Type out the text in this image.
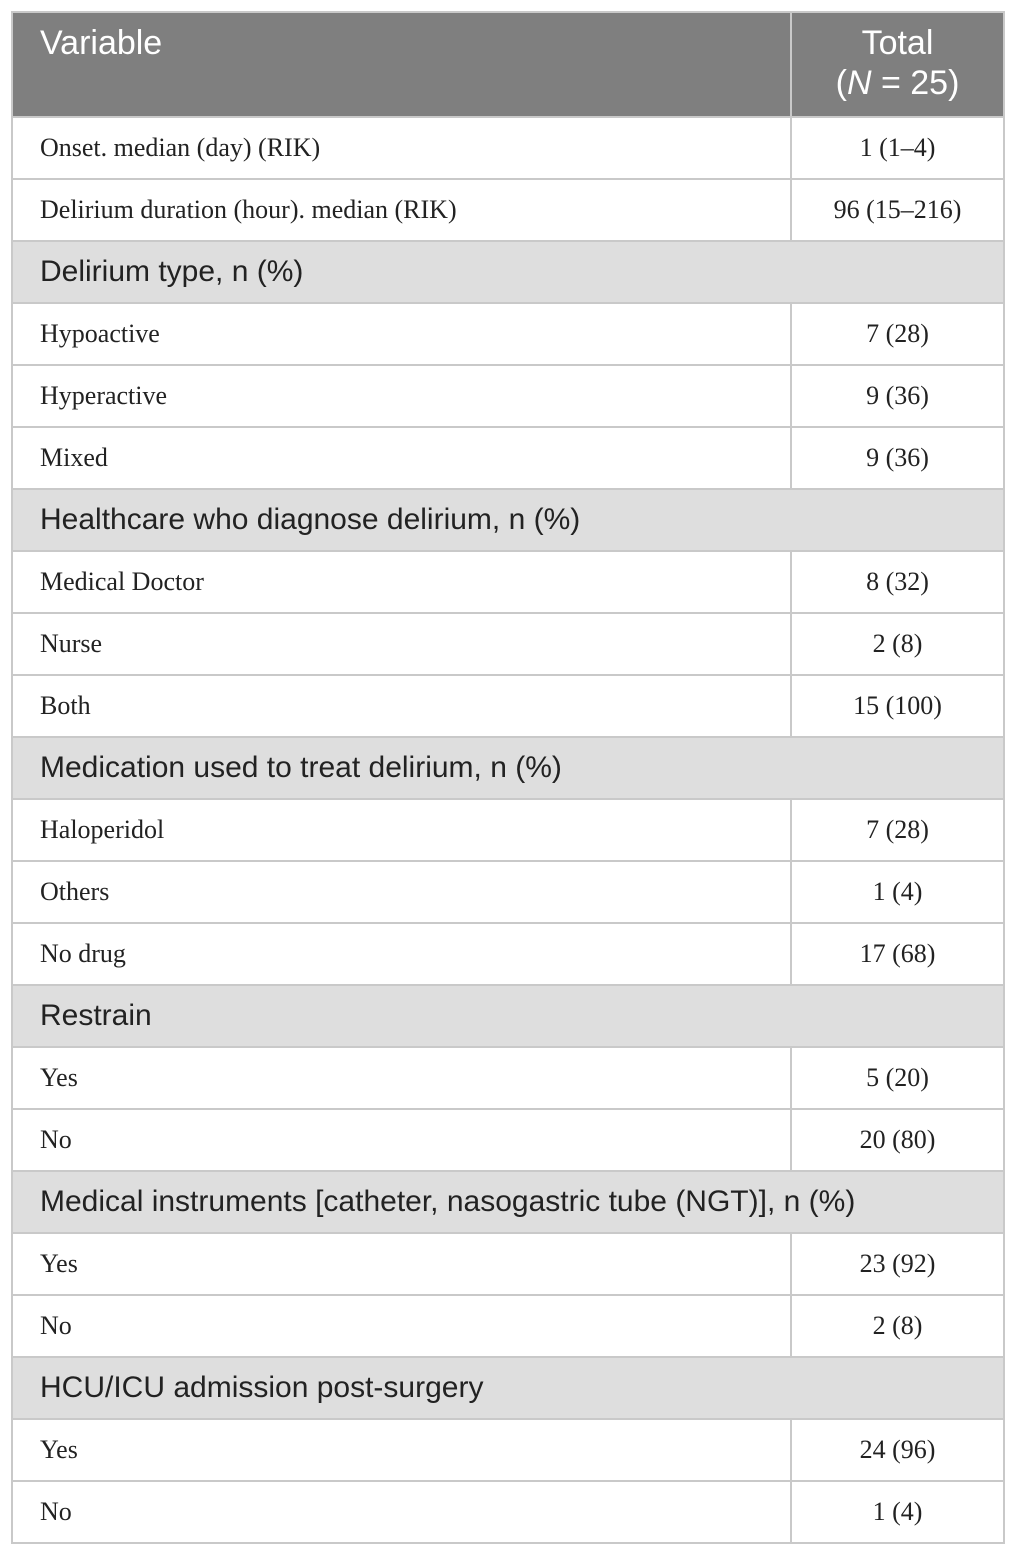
Variable	Total
(N = 25)
Onset. median (day) (RIK)	1 (1–4)
Delirium duration (hour). median (RIK)	96 (15–216)
Delirium type, n (%)	
Hypoactive	7 (28)
Hyperactive	9 (36)
Mixed	9 (36)
Healthcare who diagnose delirium, n (%)	
Medical Doctor	8 (32)
Nurse	2 (8)
Both	15 (100)
Medication used to treat delirium, n (%)	
Haloperidol	7 (28)
Others	1 (4)
No drug	17 (68)
Restrain	
Yes	5 (20)
No	20 (80)
Medical instruments [catheter, nasogastric tube (NGT)], n (%)	
Yes	23 (92)
No	2 (8)
HCU/ICU admission post-surgery	
Yes	24 (96)
No	1 (4)
